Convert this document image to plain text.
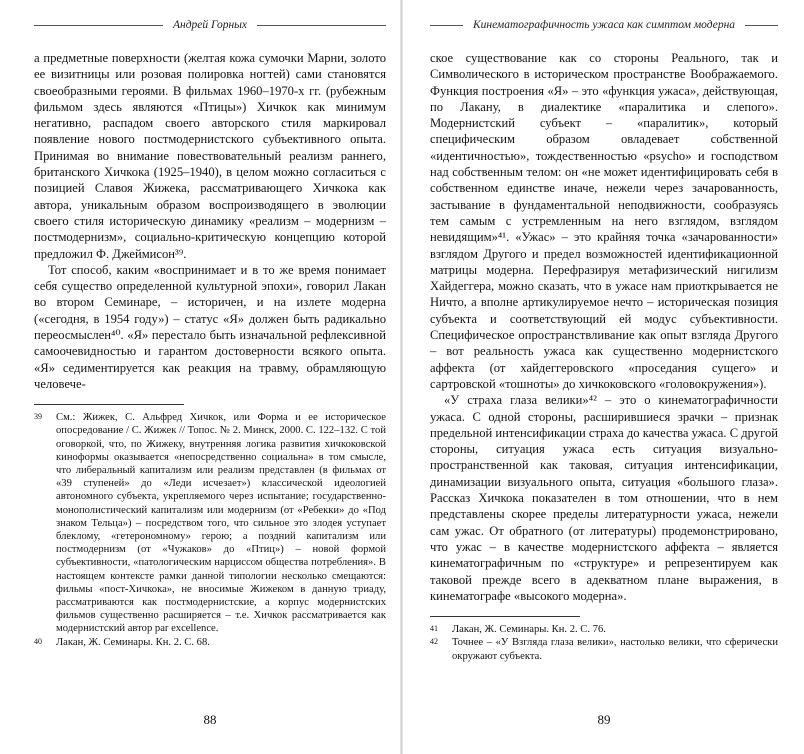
Андрей Горных

а предметные поверхности (желтая кожа сумочки Марни, золото ее визитницы или розовая полировка ногтей) сами становятся своеобразными героями. В фильмах 1960–1970-х гг. (рубежным фильмом здесь являются «Птицы») Хичкок как минимум негативно, распадом своего авторского стиля маркировал появление нового постмодернистского субъективного опыта. Принимая во внимание повествовательный реализм раннего, британского Хичкока (1925–1940), в целом можно согласиться с позицией Славоя Жижека, рассматривающего Хичкока как автора, уникальным образом воспроизводящего в эволюции своего стиля историческую динамику «реализм – модернизм – постмодернизм», социально-критическую концепцию которой предложил Ф. Джеймисон³⁹.

Тот способ, каким «воспринимает и в то же время понимает себя существо определенной культурной эпохи», говорил Лакан во втором Семинаре, – историчен, и на излете модерна («сегодня, в 1954 году») – статус «Я» должен быть радикально переосмыслен⁴⁰. «Я» перестало быть изначальной рефлексивной самоочевидностью и гарантом достоверности всякого опыта. «Я» седиментируется как реакция на травму, обрамляющую человече-

39	См.: Жижек, С. Альфред Хичкок, или Форма и ее историческое опосредование / С. Жижек // Топос. № 2. Минск, 2000. С. 122–132. С той оговоркой, что, по Жижеку, внутренняя логика развития хичкоковской киноформы оказывается «непосредственно социальна» в том смысле, что либеральный капитализм или реализм представлен (в фильмах от «39 ступеней» до «Леди исчезает») классической идеологией автономного субъекта, укрепляемого через испытание; государственно-монополистический капитализм или модернизм (от «Ребекки» до «Под знаком Тельца») – посредством того, что сильное это злодея уступает блеклому, «гетерономному» герою; а поздний капитализм или постмодернизм (от «Чужаков» до «Птиц») – новой формой субъективности, «патологическим нарциссом общества потребления». В настоящем контексте рамки данной типологии несколько смещаются: фильмы «пост-Хичкока», не вносимые Жижеком в данную триаду, рассматриваются как постмодернистские, а корпус модернистских фильмов существенно расширяется – т.е. Хичкок рассматривается как модернистский автор par excellence.
40	Лакан, Ж. Семинары. Кн. 2. С. 68.
88
Кинематографичность ужаса как симптом модерна

ское существование как со стороны Реального, так и Символического в историческом пространстве Воображаемого. Функция построения «Я» – это «функция ужаса», действующая, по Лакану, в диалектике «паралитика и слепого». Модернистский субъект – «паралитик», который специфическим образом овладевает собственной «идентичностью», тождественностью «psycho» и господством над собственным телом: он «не может идентифицировать себя в собственном единстве иначе, нежели через зачарованность, застывание в фундаментальной неподвижности, сообразуясь тем самым с устремленным на него взглядом, взглядом невидящим»⁴¹. «Ужас» – это крайняя точка «зачарованности» взглядом Другого и предел возможностей идентификационной матрицы модерна. Перефразируя метафизический нигилизм Хайдеггера, можно сказать, что в ужасе нам приоткрывается не Ничто, а вполне артикулируемое нечто – историческая позиция субъекта и соответствующий ей модус субъективности. Специфическое опространствливание как опыт взгляда Другого – вот реальность ужаса как существенно модернистского аффекта (от хайдеггеровского «проседания сущего» и сартровской «тошноты» до хичкоковского «головокружения»).

«У страха глаза велики»⁴² – это о кинематографичности ужаса. С одной стороны, расширившиеся зрачки – признак предельной интенсификации страха до качества ужаса. С другой стороны, ситуация ужаса есть ситуация визуально-пространственной как таковая, ситуация интенсификации, динамизации визуального опыта, ситуация «большого глаза». Рассказ Хичкока показателен в том отношении, что в нем представлены скорее пределы литературности ужаса, нежели сам ужас. От обратного (от литературы) продемонстрировано, что ужас – в качестве модернистского аффекта – является кинематографичным по «структуре» и репрезентируем как таковой прежде всего в адекватном плане выражения, в кинематографе «высокого модерна».

41	Лакан, Ж. Семинары. Кн. 2. С. 76.
42	Точнее – «У Взгляда глаза велики», настолько велики, что сферически окружают субъекта.
89
